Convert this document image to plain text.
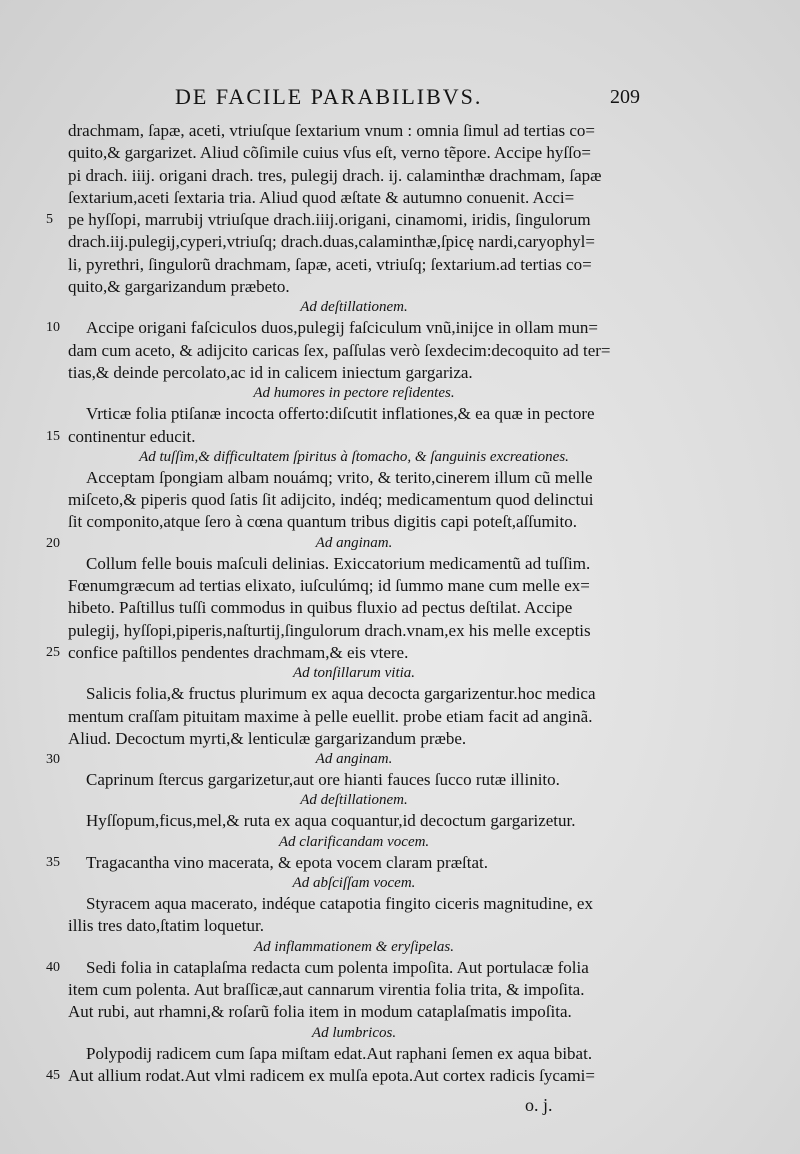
DE FACILE PARABILIBVS.	209
drachmam, ſapæ, aceti, vtriuſque ſextarium vnum : omnia ſimul ad tertias co=
quito,& gargarizet. Aliud cõſimile cuius vſus eſt, verno tẽpore. Accipe hyſſo=
pi drach. iiij. origani drach. tres, pulegij drach. ij. calaminthæ drachmam, ſapæ
ſextarium,aceti ſextaria tria. Aliud quod æſtate & autumno conuenit. Acci=
5 pe hyſſopi, marrubij vtriuſque drach.iiij.origani, cinamomi, iridis, ſingulorum
drach.iij.pulegij,cyperi,vtriuſq; drach.duas,calaminthæ,ſpicę nardi,caryophyl=
li, pyrethri, ſingulorũ drachmam, ſapæ, aceti, vtriuſq; ſextarium.ad tertias co=
quito,& gargarizandum præbeto.
Ad deſtillationem.
10 Accipe origani faſciculos duos,pulegij faſciculum vnũ,inijce in ollam mun=
dam cum aceto, & adijcito caricas ſex, paſſulas verò ſexdecim:decoquito ad ter=
tias,& deinde percolato,ac id in calicem iniectum gargariza.
Ad humores in pectore reſidentes.
Vrticæ folia ptiſanæ incocta offerto:diſcutit inflationes,& ea quæ in pectore
15 continentur educit.
Ad tuſſim,& difficultatem ſpiritus à ſtomacho, & ſanguinis excreationes.
Acceptam ſpongiam albam nouámq; vrito, & terito,cinerem illum cũ melle
miſceto,& piperis quod ſatis ſit adijcito, indéq; medicamentum quod delinctui
ſit componito,atque ſero à cœna quantum tribus digitis capi poteſt,aſſumito.
20	Ad anginam.
Collum felle bouis maſculi delinias. Exiccatorium medicamentũ ad tuſſim.
Fœnumgræcum ad tertias elixato, iuſculúmq; id ſummo mane cum melle ex=
hibeto. Paſtillus tuſſi commodus in quibus fluxio ad pectus deſtilat. Accipe
pulegij, hyſſopi,piperis,naſturtij,ſingulorum drach.vnam,ex his melle exceptis
25 confice paſtillos pendentes drachmam,& eis vtere.
Ad tonſillarum vitia.
Salicis folia,& fructus plurimum ex aqua decocta gargarizentur.hoc medica
mentum craſſam pituitam maxime à pelle euellit. probe etiam facit ad anginã.
Aliud. Decoctum myrti,& lenticulæ gargarizandum præbe.
30	Ad anginam.
Caprinum ſtercus gargarizetur,aut ore hianti fauces ſucco rutæ illinito.
Ad deſtillationem.
Hyſſopum,ficus,mel,& ruta ex aqua coquantur,id decoctum gargarizetur.
Ad clarificandam vocem.
35 Tragacantha vino macerata, & epota vocem claram præſtat.
Ad abſciſſam vocem.
Styracem aqua macerato, indéque catapotia fingito ciceris magnitudine, ex
illis tres dato,ſtatim loquetur.
Ad inflammationem & eryſipelas.
40 Sedi folia in cataplaſma redacta cum polenta impoſita. Aut portulacæ folia
item cum polenta. Aut braſſicæ,aut cannarum virentia folia trita, & impoſita.
Aut rubi, aut rhamni,& roſarũ folia item in modum cataplaſmatis impoſita.
Ad lumbricos.
Polypodij radicem cum ſapa miſtam edat.Aut raphani ſemen ex aqua bibat.
45 Aut allium rodat.Aut vlmi radicem ex mulſa epota.Aut cortex radicis ſycami=
o. j.
